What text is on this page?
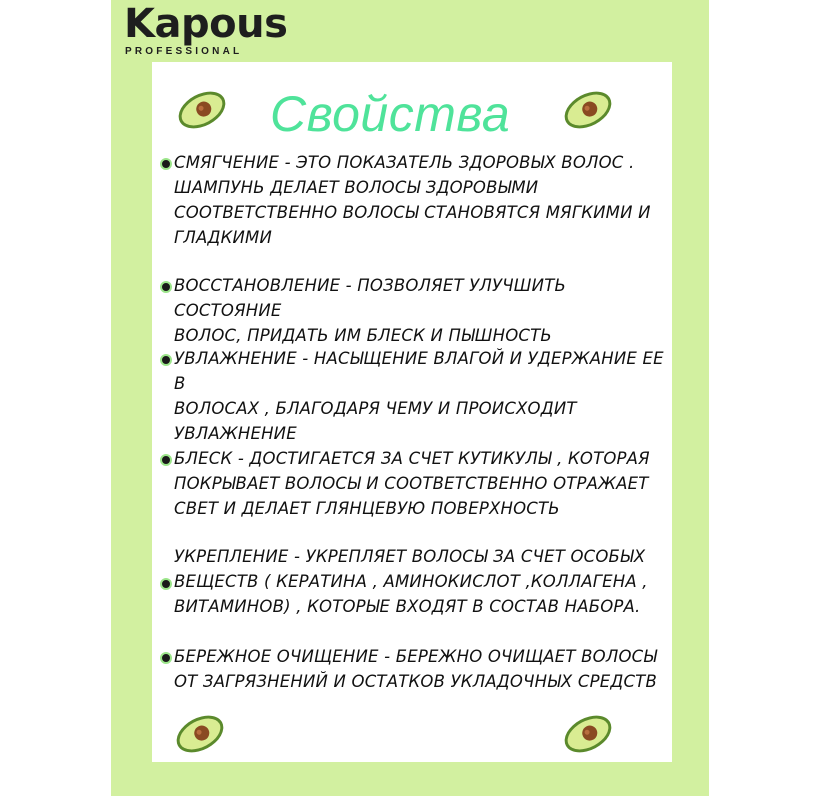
Kapous
PROFESSIONAL
Свойства
СМЯГЧЕНИЕ - ЭТО ПОКАЗАТЕЛЬ ЗДОРОВЫХ ВОЛОС .
ШАМПУНЬ ДЕЛАЕТ ВОЛОСЫ ЗДОРОВЫМИ
СООТВЕТСТВЕННО ВОЛОСЫ СТАНОВЯТСЯ МЯГКИМИ И
ГЛАДКИМИ
ВОССТАНОВЛЕНИЕ - ПОЗВОЛЯЕТ УЛУЧШИТЬ СОСТОЯНИЕ
ВОЛОС, ПРИДАТЬ ИМ БЛЕСК И ПЫШНОСТЬ
УВЛАЖНЕНИЕ - НАСЫЩЕНИЕ ВЛАГОЙ И УДЕРЖАНИЕ ЕЕ В
ВОЛОСАХ , БЛАГОДАРЯ ЧЕМУ И ПРОИСХОДИТ
УВЛАЖНЕНИЕ
БЛЕСК - ДОСТИГАЕТСЯ ЗА СЧЕТ КУТИКУЛЫ , КОТОРАЯ
ПОКРЫВАЕТ ВОЛОСЫ И СООТВЕТСТВЕННО ОТРАЖАЕТ
СВЕТ И ДЕЛАЕТ ГЛЯНЦЕВУЮ ПОВЕРХНОСТЬ
УКРЕПЛЕНИЕ - УКРЕПЛЯЕТ ВОЛОСЫ ЗА СЧЕТ ОСОБЫХ
ВЕЩЕСТВ ( КЕРАТИНА , АМИНОКИСЛОТ ,КОЛЛАГЕНА ,
ВИТАМИНОВ) , КОТОРЫЕ ВХОДЯТ В СОСТАВ НАБОРА.
БЕРЕЖНОЕ ОЧИЩЕНИЕ - БЕРЕЖНО ОЧИЩАЕТ ВОЛОСЫ
ОТ ЗАГРЯЗНЕНИЙ И ОСТАТКОВ УКЛАДОЧНЫХ СРЕДСТВ
